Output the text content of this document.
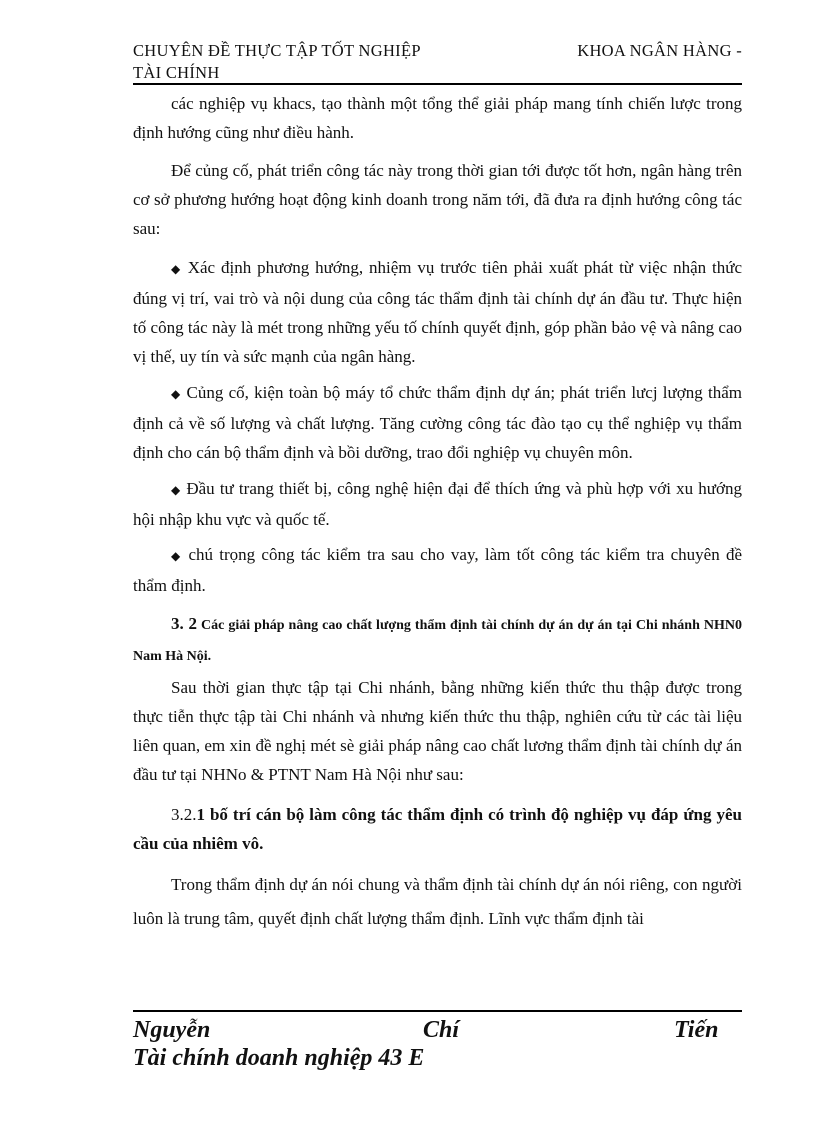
CHUYÊN ĐỀ THỰC TẬP TỐT NGHIỆP	KHOA NGÂN HÀNG -
TÀI CHÍNH

các nghiệp vụ khacs, tạo thành một tổng thể giải pháp mang tính chiến lược trong định hướng cũng như điều hành.

Để củng cố, phát triển công tác này trong thời gian tới được tốt hơn, ngân hàng trên cơ sở phương hướng hoạt động kinh doanh trong năm tới, đã đưa ra định hướng công tác sau:

◆ Xác định phương hướng, nhiệm vụ trước tiên phải xuất phát từ việc nhận thức đúng vị trí, vai trò và nội dung của công tác thẩm định tài chính dự án đầu tư. Thực hiện tố công tác này là mét trong những yếu tố chính quyết định, góp phần bảo vệ và nâng cao vị thế, uy tín và sức mạnh của ngân hàng.

◆ Củng cố, kiện toàn bộ máy tổ chức thẩm định dự án; phát triển lưcj lượng thẩm định cả về số lượng và chất lượng. Tăng cường công tác đào tạo cụ thể nghiệp vụ thẩm định cho cán bộ thẩm định và bồi dưỡng, trao đổi nghiệp vụ chuyên môn.

◆ Đầu tư trang thiết bị, công nghệ hiện đại để thích ứng và phù hợp với xu hướng hội nhập khu vực và quốc tế.

◆ chú trọng công tác kiểm tra sau cho vay, làm tốt công tác kiểm tra chuyên đề thẩm định.

3. 2 Các giải pháp nâng cao chất lượng thẩm định tài chính dự án dự án tại Chi nhánh NHN0 Nam Hà Nội.

Sau thời gian thực tập tại Chi nhánh, bằng những kiến thức thu thập được trong thực tiễn thực tập tài Chi nhánh và nhưng kiến thức thu thập, nghiên cứu từ các tài liệu liên quan, em xin đề nghị mét sè giải pháp nâng cao chất lương thẩm định tài chính dự án đầu tư tại NHNo & PTNT Nam Hà Nội như sau:

3.2.1 bố trí cán bộ làm công tác thẩm định có trình độ nghiệp vụ đáp ứng yêu cầu của nhiêm vô.

Trong thẩm định dự án nói chung và thẩm định tài chính dự án nói riêng, con người luôn là trung tâm, quyết định chất lượng thẩm định. Lĩnh vực thẩm định tài

Nguyễn	Chí	Tiến
Tài chính doanh nghiệp 43 E
